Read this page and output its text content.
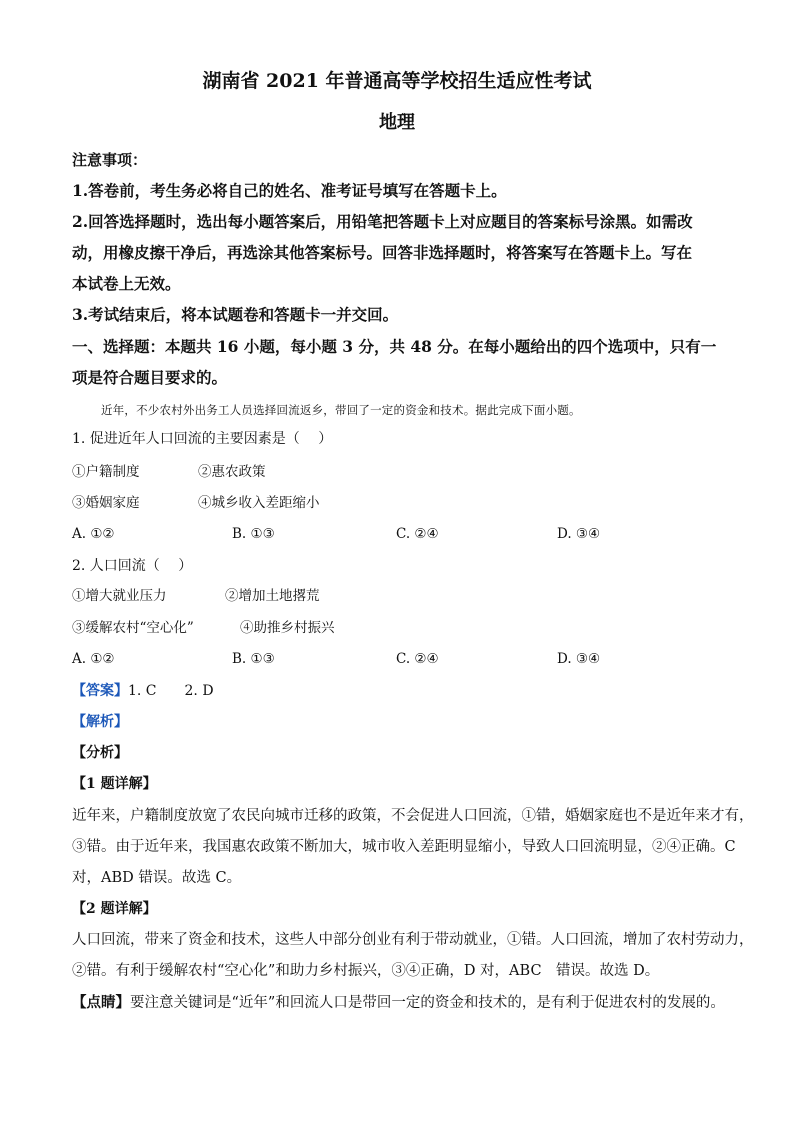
湖南省 2021 年普通高等学校招生适应性考试
地理
注意事项：
1.答卷前，考生务必将自己的姓名、准考证号填写在答题卡上。
2.回答选择题时，选出每小题答案后，用铅笔把答题卡上对应题目的答案标号涂黑。如需改
动，用橡皮擦干净后，再选涂其他答案标号。回答非选择题时，将答案写在答题卡上。写在
本试卷上无效。
3.考试结束后，将本试题卷和答题卡一并交回。
一、选择题：本题共 16 小题，每小题 3 分，共 48 分。在每小题给出的四个选项中，只有一
项是符合题目要求的。
近年，不少农村外出务工人员选择回流返乡，带回了一定的资金和技术。据此完成下面小题。
1. 促进近年人口回流的主要因素是（　 ）
①户籍制度	②惠农政策
③婚姻家庭	④城乡收入差距缩小
A. ①②	B. ①③	C. ②④	D. ③④
2. 人口回流（　 ）
①增大就业压力	②增加土地撂荒
③缓解农村“空心化”	④助推乡村振兴
A. ①②	B. ①③	C. ②④	D. ③④
【答案】1. C　　2. D
【解析】
【分析】
【1 题详解】
近年来，户籍制度放宽了农民向城市迁移的政策，不会促进人口回流，①错，婚姻家庭也不是近年来才有，
③错。由于近年来，我国惠农政策不断加大，城市收入差距明显缩小，导致人口回流明显，②④正确。C
对，ABD 错误。故选 C。
【2 题详解】
人口回流，带来了资金和技术，这些人中部分创业有利于带动就业，①错。人口回流，增加了农村劳动力，
②错。有利于缓解农村“空心化”和助力乡村振兴，③④正确，D 对，ABC　错误。故选 D。
【点睛】要注意关键词是“近年”和回流人口是带回一定的资金和技术的，是有利于促进农村的发展的。
